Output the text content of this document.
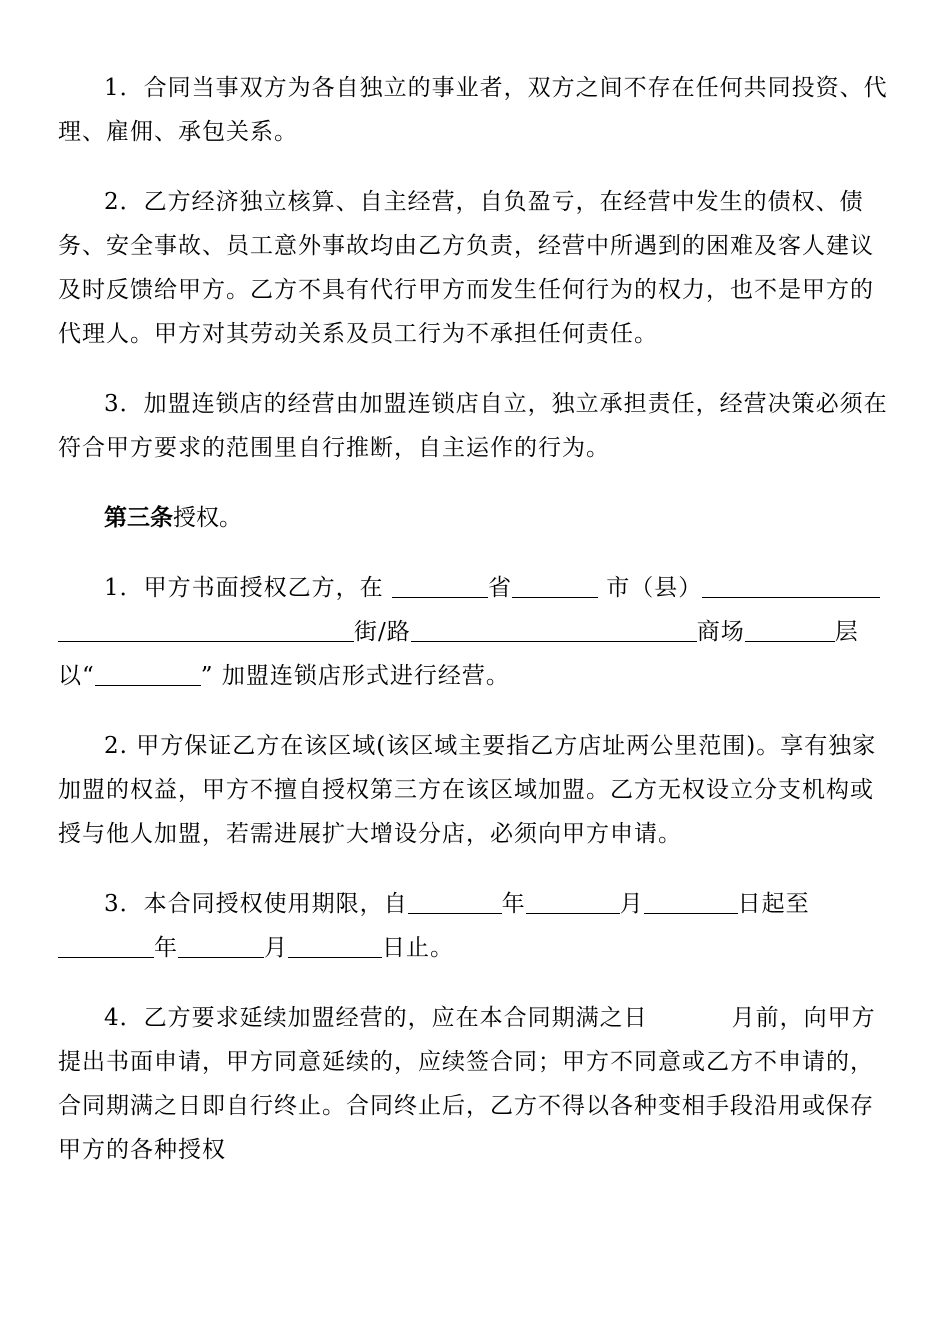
1．合同当事双方为各自独立的事业者，双方之间不存在任何共同投资、代理、雇佣、承包关系。

2．乙方经济独立核算、自主经营，自负盈亏，在经营中发生的债权、债务、安全事故、员工意外事故均由乙方负责，经营中所遇到的困难及客人建议及时反馈给甲方。乙方不具有代行甲方而发生任何行为的权力，也不是甲方的代理人。甲方对其劳动关系及员工行为不承担任何责任。

3．加盟连锁店的经营由加盟连锁店自立，独立承担责任，经营决策必须在符合甲方要求的范围里自行推断，自主运作的行为。

第三条授权。

1．甲方书面授权乙方，在	省	市（县）街/路	商场	层以“	” 加盟连锁店形式进行经营。

2. 甲方保证乙方在该区域(该区域主要指乙方店址两公里范围)。享有独家加盟的权益，甲方不擅自授权第三方在该区域加盟。乙方无权设立分支机构或授与他人加盟，若需进展扩大增设分店，必须向甲方申请。

3．本合同授权使用期限，自	年	月	日起至年	月	日止。

4．乙方要求延续加盟经营的，应在本合同期满之日	月前，向甲方提出书面申请，甲方同意延续的，应续签合同；甲方不同意或乙方不申请的，合同期满之日即自行终止。合同终止后，乙方不得以各种变相手段沿用或保存甲方的各种授权
